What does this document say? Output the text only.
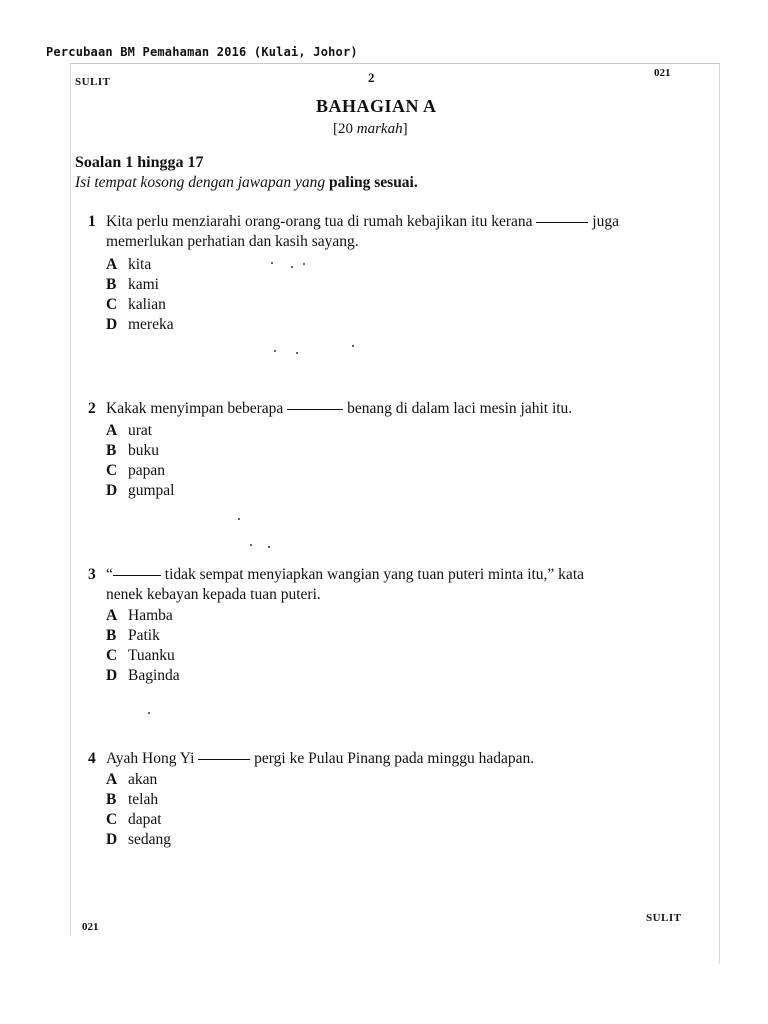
Percubaan BM Pemahaman 2016 (Kulai, Johor)
SULIT	2	021
BAHAGIAN A
[20 markah]
Soalan 1 hingga 17
Isi tempat kosong dengan jawapan yang paling sesuai.
1 Kita perlu menziarahi orang-orang tua di rumah kebajikan itu kerana	juga
memerlukan perhatian dan kasih sayang.
A kita
B kami
C kalian
D mereka
2 Kakak menyimpan beberapa	benang di dalam laci mesin jahit itu.
A urat
B buku
C papan
D gumpal
3 “	tidak sempat menyiapkan wangian yang tuan puteri minta itu,” kata
nenek kebayan kepada tuan puteri.
A Hamba
B Patik
C Tuanku
D Baginda
4 Ayah Hong Yi	pergi ke Pulau Pinang pada minggu hadapan.
A akan
B telah
C dapat
D sedang
SULIT
021
